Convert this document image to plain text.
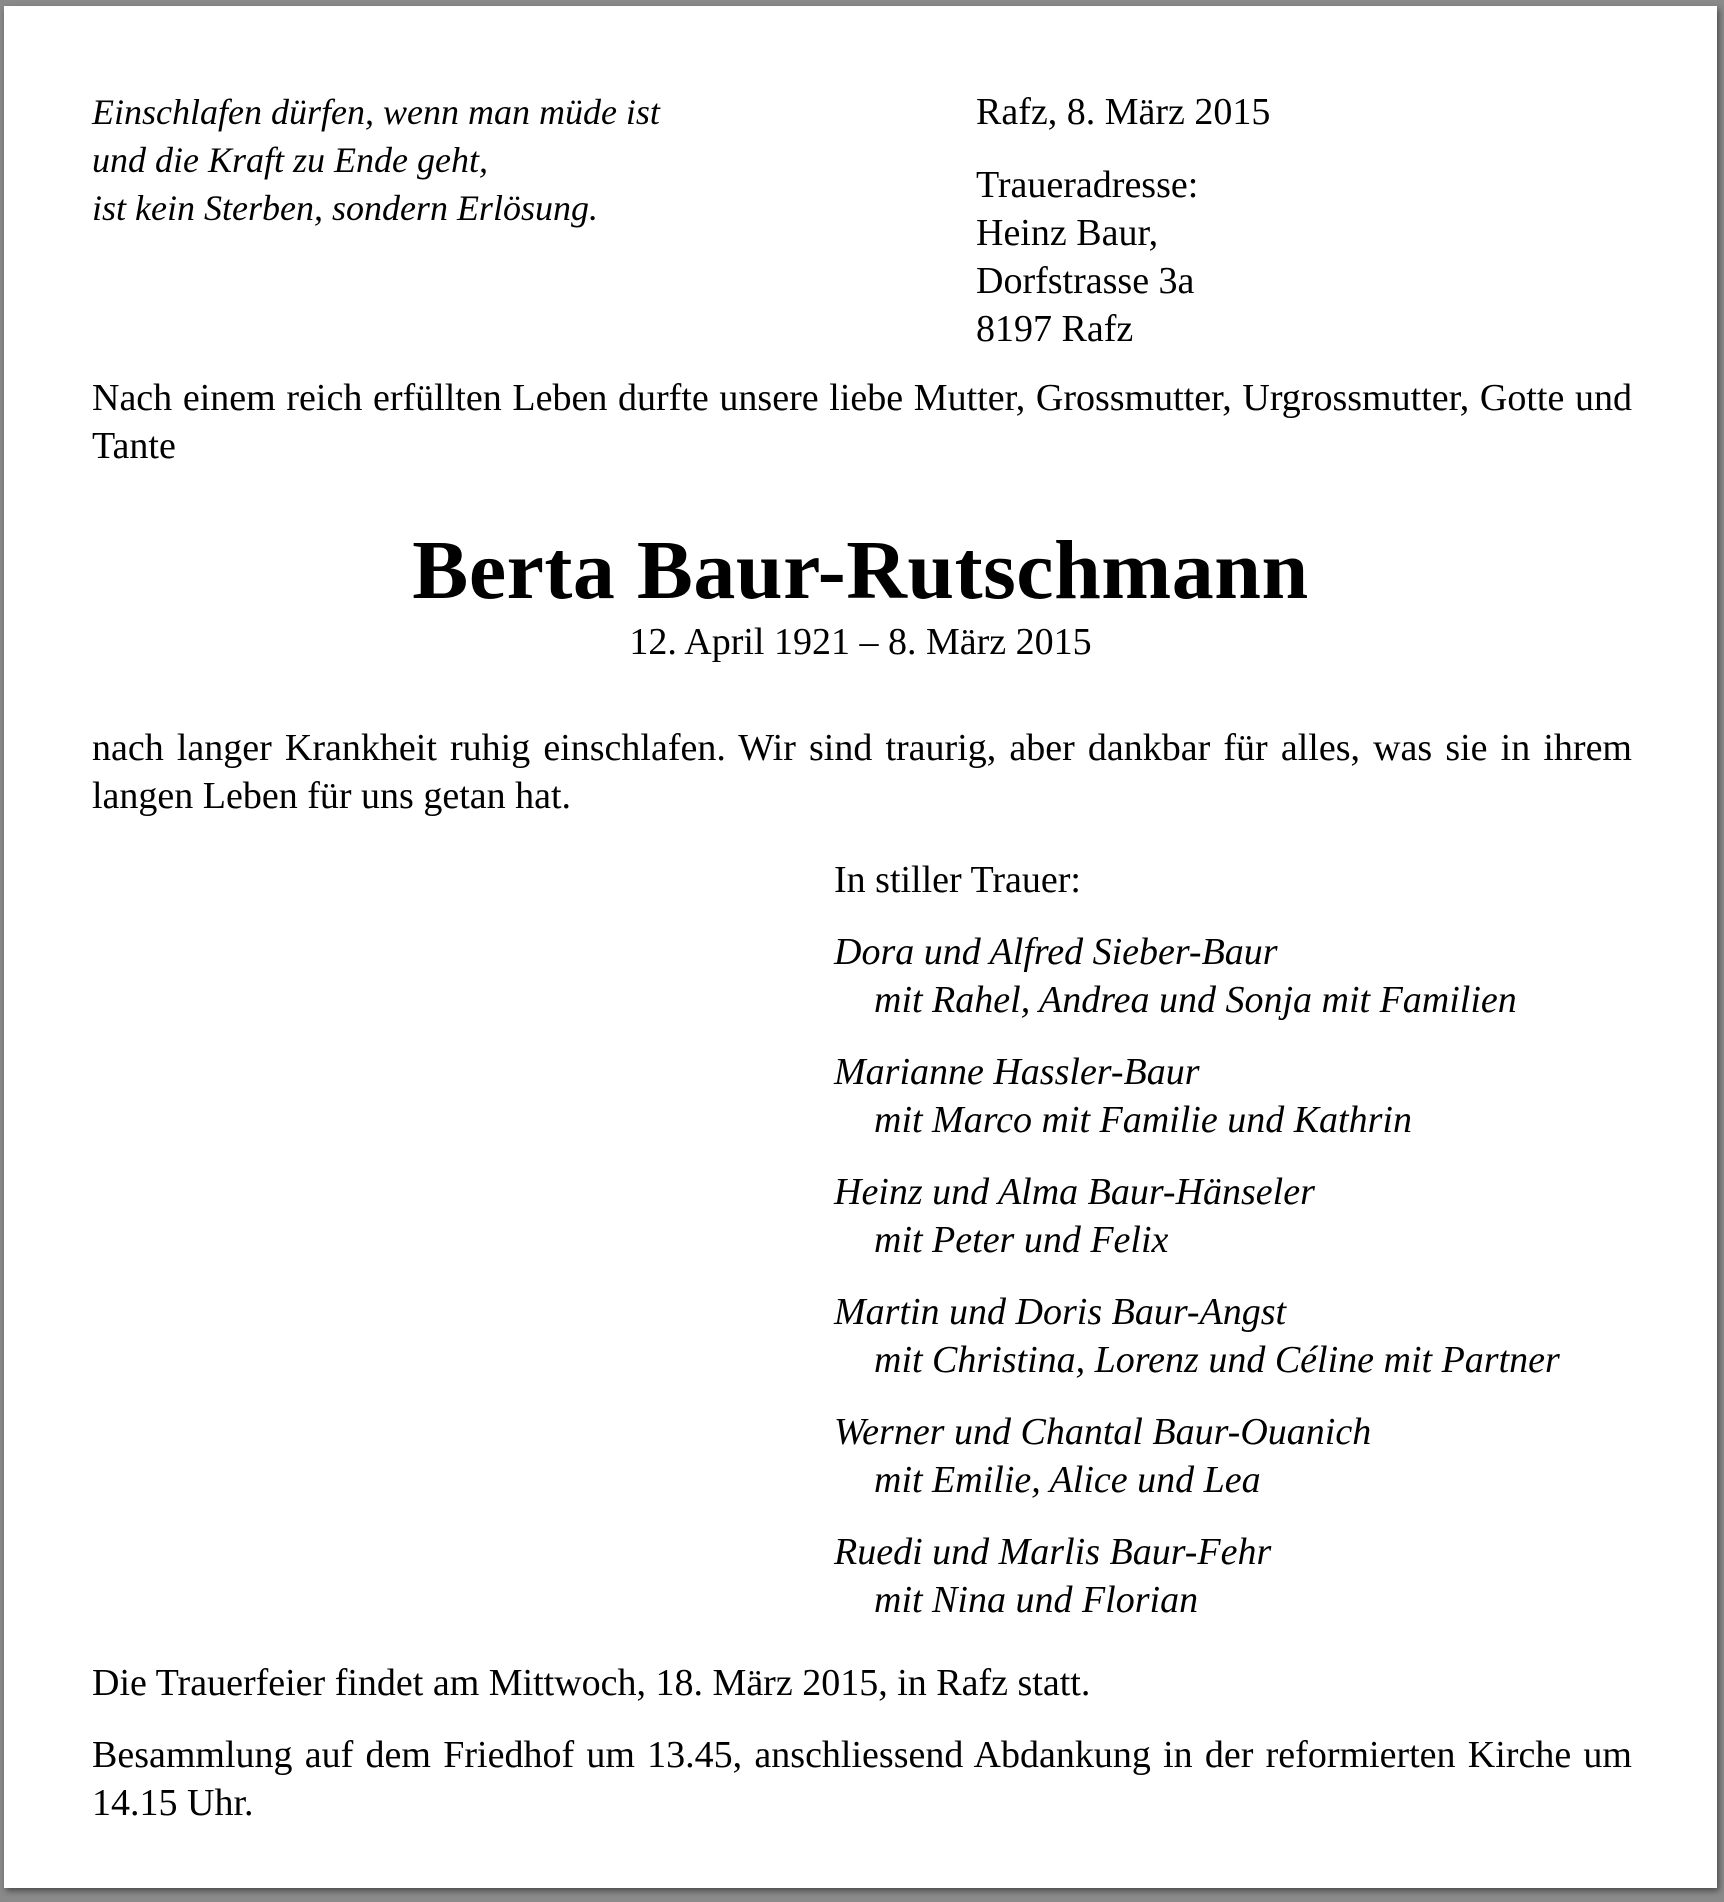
Einschlafen dürfen, wenn man müde ist
und die Kraft zu Ende geht,
ist kein Sterben, sondern Erlösung.
Rafz, 8. März 2015
Traueradresse:
Heinz Baur,
Dorfstrasse 3a
8197 Rafz
Nach einem reich erfüllten Leben durfte unsere liebe Mutter, Grossmutter, Urgrossmutter, Gotte und Tante
Berta Baur-Rutschmann
12. April 1921 – 8. März 2015
nach langer Krankheit ruhig einschlafen. Wir sind traurig, aber dankbar für alles, was sie in ihrem langen Leben für uns getan hat.
In stiller Trauer:
Dora und Alfred Sieber-Baur
mit Rahel, Andrea und Sonja mit Familien
Marianne Hassler-Baur
mit Marco mit Familie und Kathrin
Heinz und Alma Baur-Hänseler
mit Peter und Felix
Martin und Doris Baur-Angst
mit Christina, Lorenz und Céline mit Partner
Werner und Chantal Baur-Ouanich
mit Emilie, Alice und Lea
Ruedi und Marlis Baur-Fehr
mit Nina und Florian
Die Trauerfeier findet am Mittwoch, 18. März 2015, in Rafz statt.
Besammlung auf dem Friedhof um 13.45, anschliessend Abdankung in der reformierten Kirche um 14.15 Uhr.
